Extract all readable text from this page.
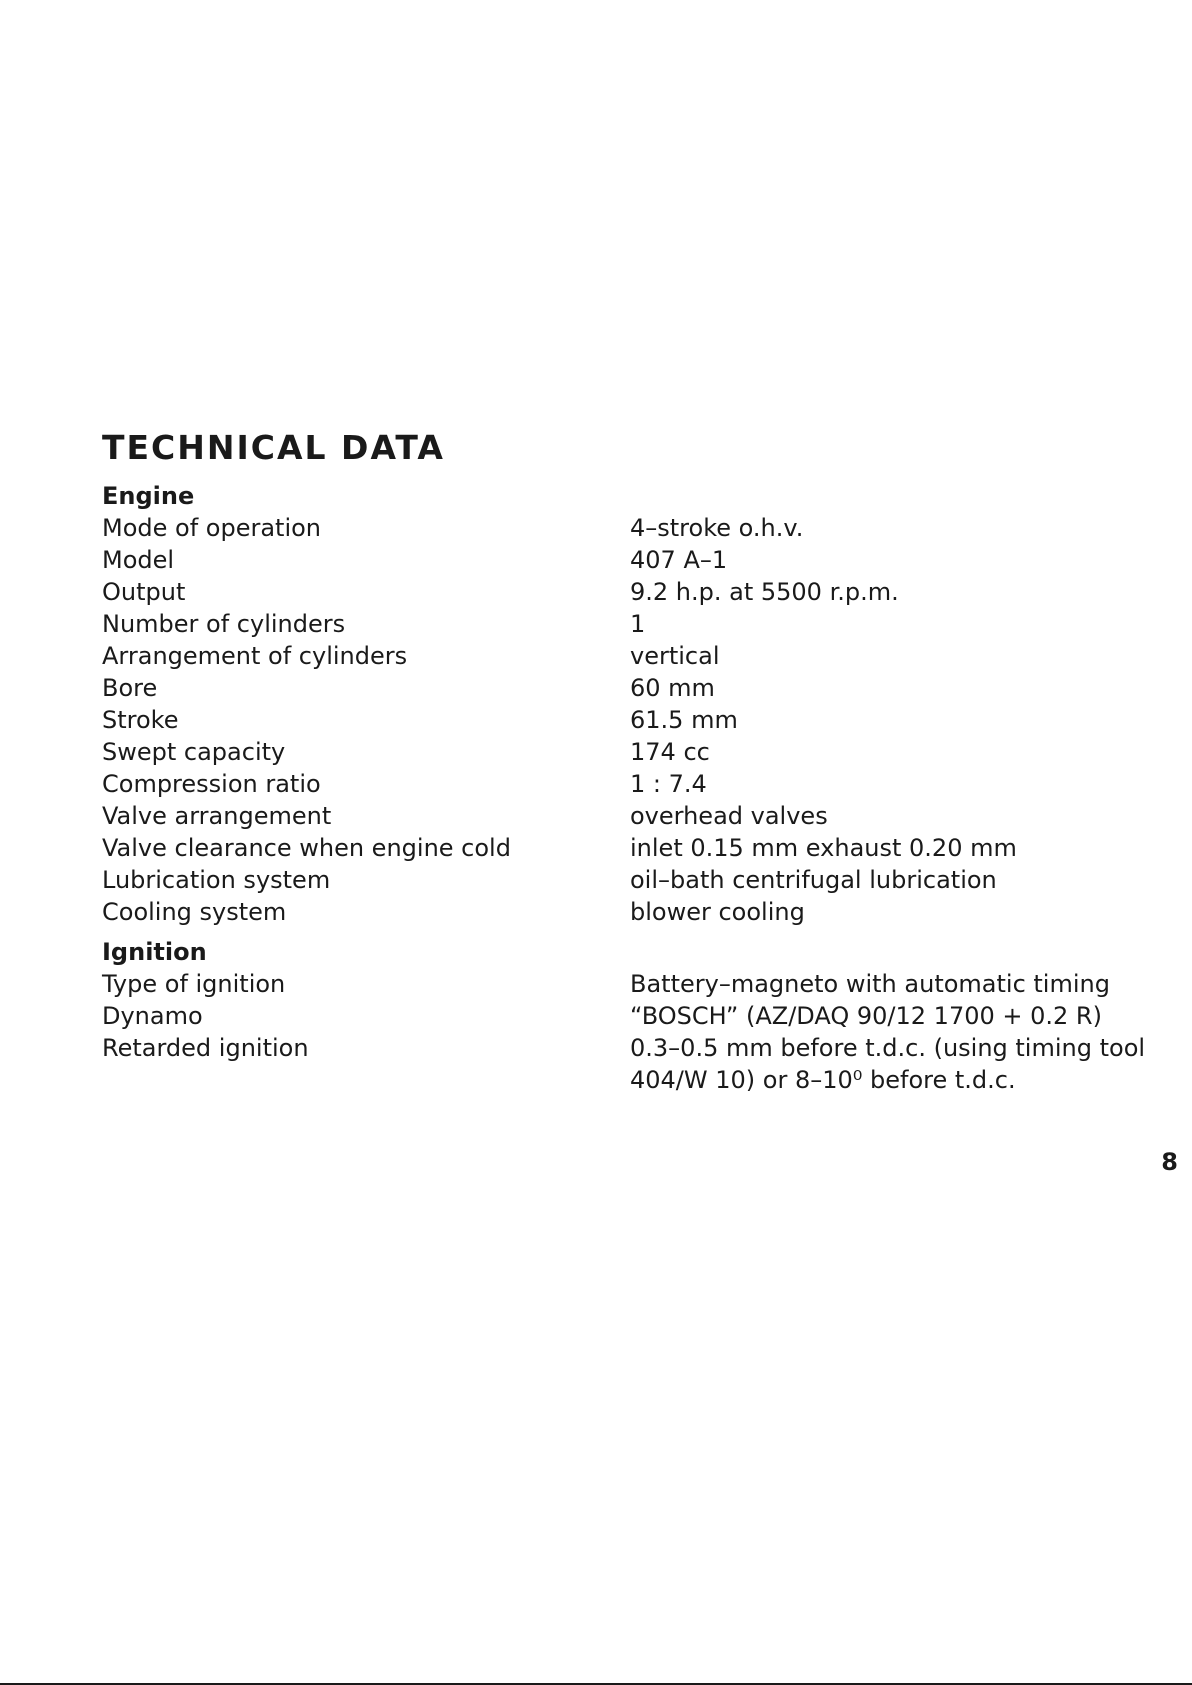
TECHNICAL DATA
Engine
Mode of operation	4–stroke o.h.v.
Model	407 A–1
Output	9.2 h.p. at 5500 r.p.m.
Number of cylinders	1
Arrangement of cylinders	vertical
Bore	60 mm
Stroke	61.5 mm
Swept capacity	174 cc
Compression ratio	1 : 7.4
Valve arrangement	overhead valves
Valve clearance when engine cold	inlet 0.15 mm exhaust 0.20 mm
Lubrication system	oil–bath centrifugal lubrication
Cooling system	blower cooling
Ignition
Type of ignition	Battery–magneto with automatic timing
Dynamo	“BOSCH” (AZ/DAQ 90/12 1700 + 0.2 R)
Retarded ignition	0.3–0.5 mm before t.d.c. (using timing tool
404/W 10) or 8–10⁰ before t.d.c.
8
